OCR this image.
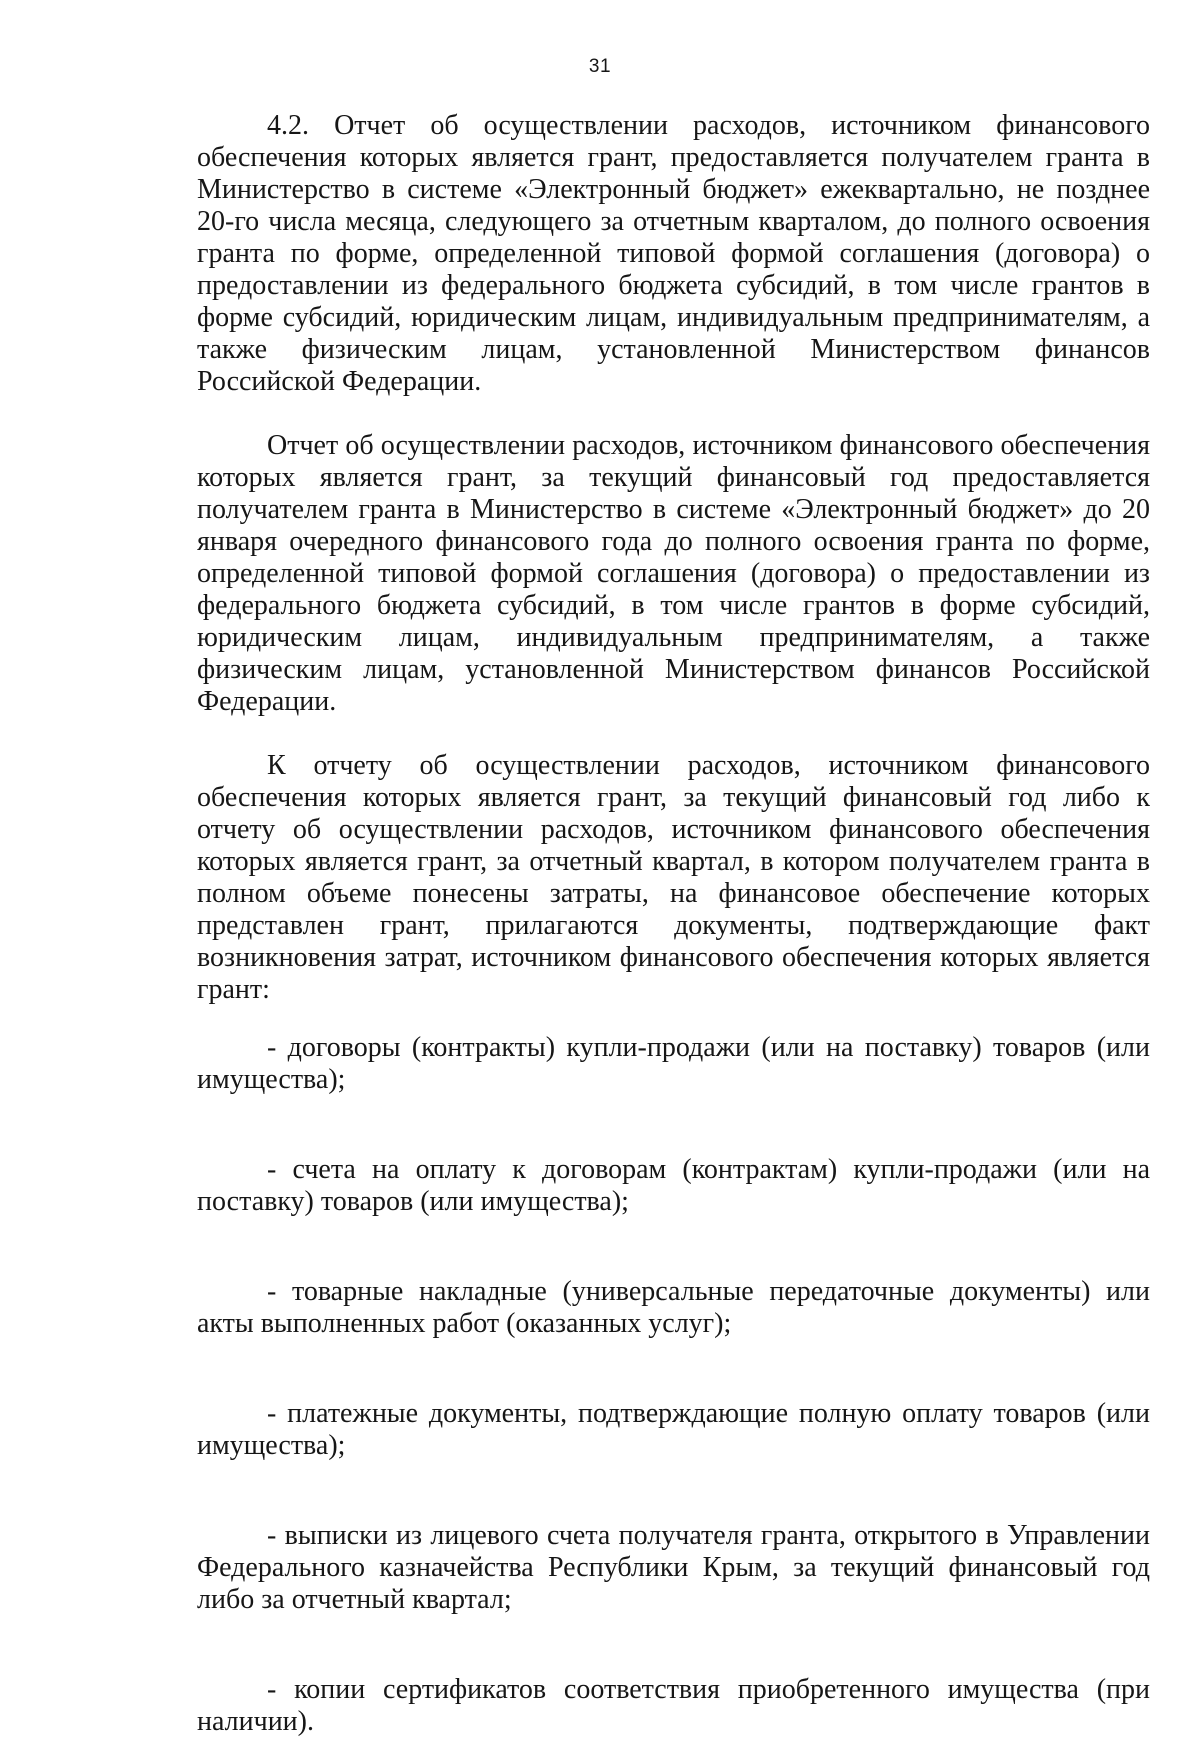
31

4.2. Отчет об осуществлении расходов, источником финансового обеспечения которых является грант, предоставляется получателем гранта в Министерство в системе «Электронный бюджет» ежеквартально, не позднее 20-го числа месяца, следующего за отчетным кварталом, до полного освоения гранта по форме, определенной типовой формой соглашения (договора) о предоставлении из федерального бюджета субсидий, в том числе грантов в форме субсидий, юридическим лицам, индивидуальным предпринимателям, а также физическим лицам, установленной Министерством финансов Российской Федерации.

Отчет об осуществлении расходов, источником финансового обеспечения которых является грант, за текущий финансовый год предоставляется получателем гранта в Министерство в системе «Электронный бюджет» до 20 января очередного финансового года до полного освоения гранта по форме, определенной типовой формой соглашения (договора) о предоставлении из федерального бюджета субсидий, в том числе грантов в форме субсидий, юридическим лицам, индивидуальным предпринимателям, а также физическим лицам, установленной Министерством финансов Российской Федерации.

К отчету об осуществлении расходов, источником финансового обеспечения которых является грант, за текущий финансовый год либо к отчету об осуществлении расходов, источником финансового обеспечения которых является грант, за отчетный квартал, в котором получателем гранта в полном объеме понесены затраты, на финансовое обеспечение которых представлен грант, прилагаются документы, подтверждающие факт возникновения затрат, источником финансового обеспечения которых является грант:

- договоры (контракты) купли-продажи (или на поставку) товаров (или имущества);

- счета на оплату к договорам (контрактам) купли-продажи (или на поставку) товаров (или имущества);

- товарные накладные (универсальные передаточные документы) или акты выполненных работ (оказанных услуг);

- платежные документы, подтверждающие полную оплату товаров (или имущества);

- выписки из лицевого счета получателя гранта, открытого в Управлении Федерального казначейства Республики Крым, за текущий финансовый год либо за отчетный квартал;

- копии сертификатов соответствия приобретенного имущества (при наличии).
